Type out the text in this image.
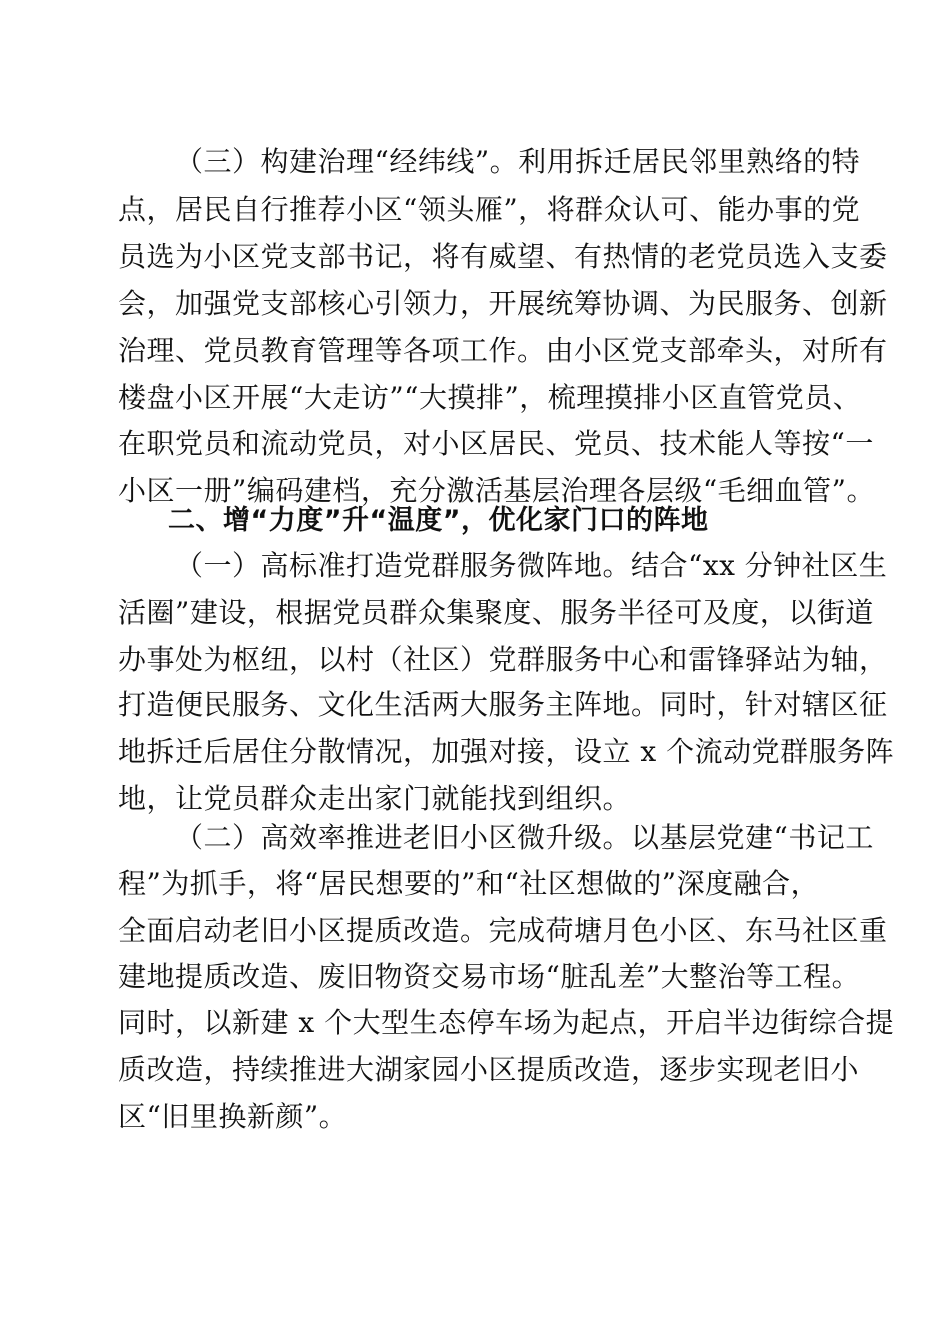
（三）构建治理“经纬线”。利用拆迁居民邻里熟络的特
点，居民自行推荐小区“领头雁”，将群众认可、能办事的党
员选为小区党支部书记，将有威望、有热情的老党员选入支委
会，加强党支部核心引领力，开展统筹协调、为民服务、创新
治理、党员教育管理等各项工作。由小区党支部牵头，对所有
楼盘小区开展“大走访”“大摸排”，梳理摸排小区直管党员、
在职党员和流动党员，对小区居民、党员、技术能人等按“一
小区一册”编码建档，充分激活基层治理各层级“毛细血管”。
二、增“力度”升“温度”，优化家门口的阵地
（一）高标准打造党群服务微阵地。结合“xx 分钟社区生
活圈”建设，根据党员群众集聚度、服务半径可及度，以街道
办事处为枢纽，以村（社区）党群服务中心和雷锋驿站为轴，
打造便民服务、文化生活两大服务主阵地。同时，针对辖区征
地拆迁后居住分散情况，加强对接，设立 x 个流动党群服务阵
地，让党员群众走出家门就能找到组织。
（二）高效率推进老旧小区微升级。以基层党建“书记工
程”为抓手，将“居民想要的”和“社区想做的”深度融合，
全面启动老旧小区提质改造。完成荷塘月色小区、东马社区重
建地提质改造、废旧物资交易市场“脏乱差”大整治等工程。
同时，以新建 x 个大型生态停车场为起点，开启半边街综合提
质改造，持续推进大湖家园小区提质改造，逐步实现老旧小
区“旧里换新颜”。
